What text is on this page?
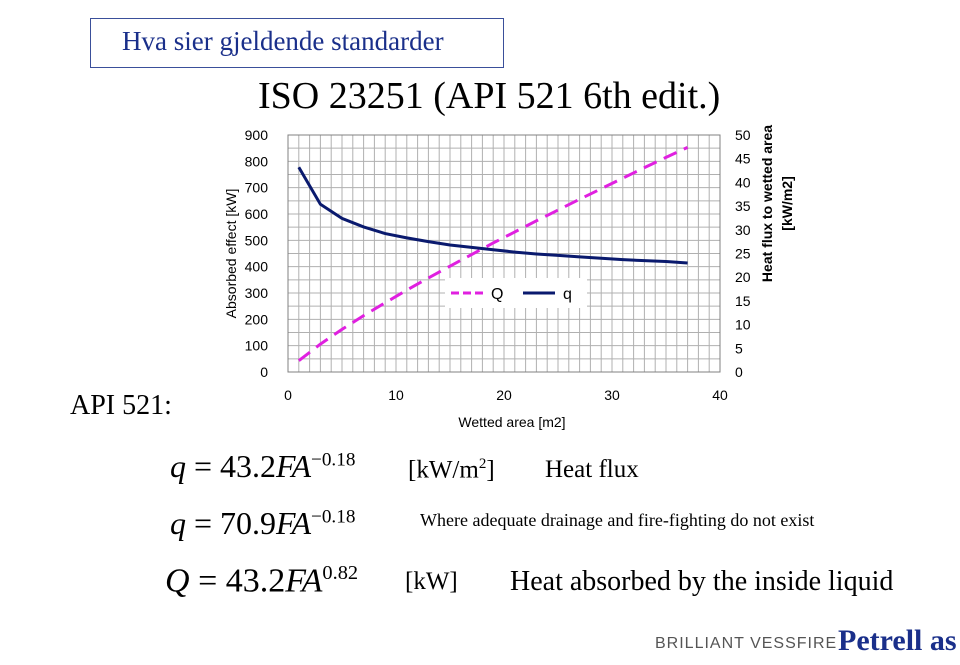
Hva sier gjeldende standarder
ISO 23251 (API 521 6th edit.)
API 521:
0
100
200
300
400
500
600
700
800
900
0
5
10
15
20
25
30
35
40
45
50
0	10	20	30	40
Wetted area [m2]
Absorbed effect [kW]	Heat flux to wetted area [kW/m2]
Q	q
$q = 43.2FA^{-0.18}$ $[kW/m^2]$ Heat flux
$q = 70.9FA^{-0.18}$	Where adequate drainage and fire-fighting do not exist
$Q = 43.2FA^{0.82}$ [kW] Heat absorbed by the inside liquid
BRILLIANT VESSFIRE Petrell as
